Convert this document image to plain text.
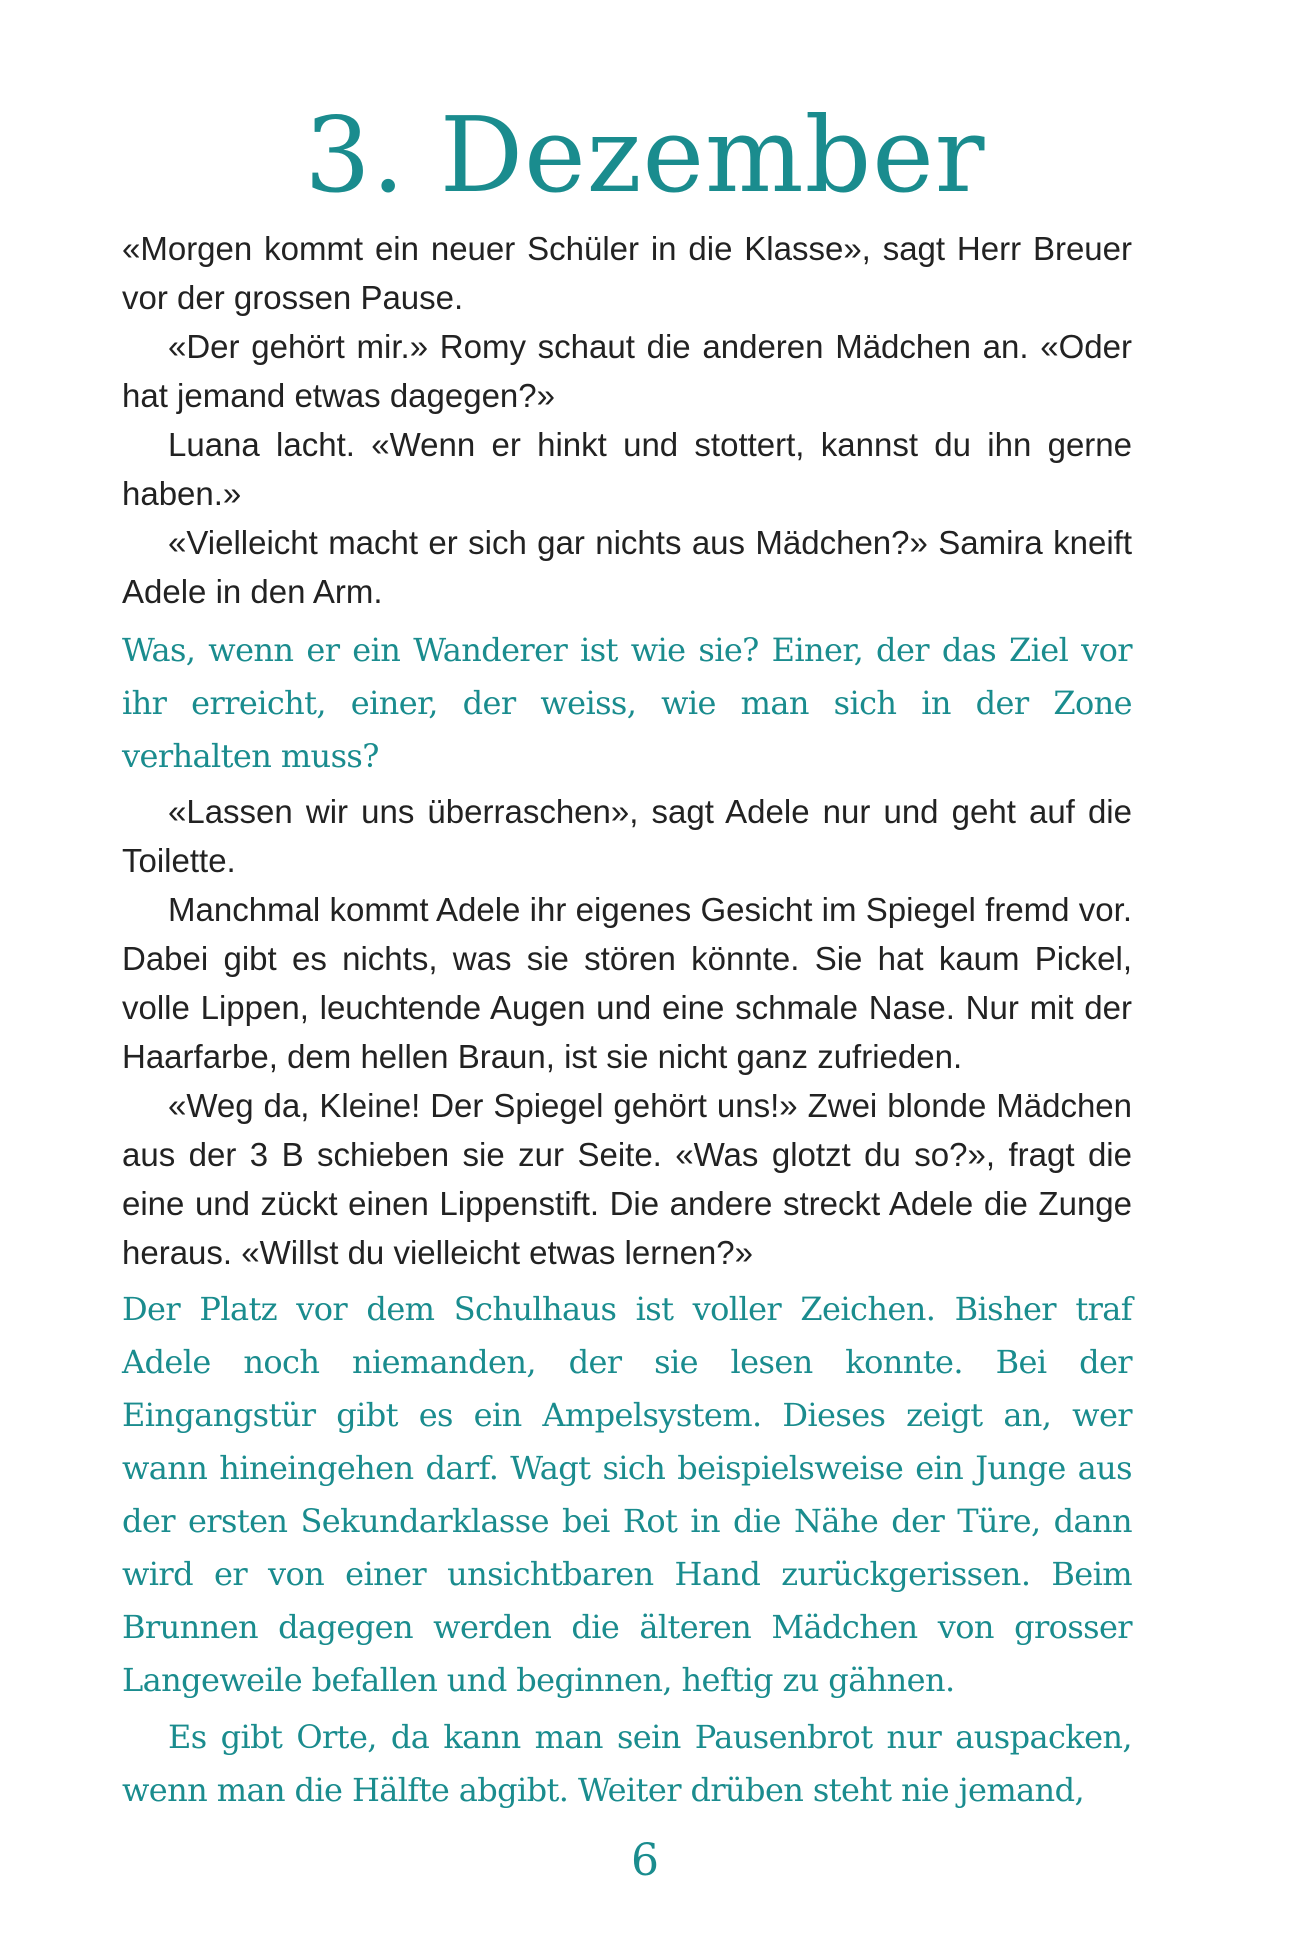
3. Dezember

«Morgen kommt ein neuer Schüler in die Klasse», sagt Herr Breuer vor der grossen Pause.

«Der gehört mir.» Romy schaut die anderen Mädchen an. «Oder hat jemand etwas dagegen?»

Luana lacht. «Wenn er hinkt und stottert, kannst du ihn gerne haben.»

«Vielleicht macht er sich gar nichts aus Mädchen?» Samira kneift Adele in den Arm.

Was, wenn er ein Wanderer ist wie sie? Einer, der das Ziel vor ihr erreicht, einer, der weiss, wie man sich in der Zone verhalten muss?

«Lassen wir uns überraschen», sagt Adele nur und geht auf die Toilette.

Manchmal kommt Adele ihr eigenes Gesicht im Spiegel fremd vor. Dabei gibt es nichts, was sie stören könnte. Sie hat kaum Pickel, volle Lippen, leuchtende Augen und eine schmale Nase. Nur mit der Haarfarbe, dem hellen Braun, ist sie nicht ganz zufrieden.

«Weg da, Kleine! Der Spiegel gehört uns!» Zwei blonde Mädchen aus der 3 B schieben sie zur Seite. «Was glotzt du so?», fragt die eine und zückt einen Lippenstift. Die andere streckt Adele die Zunge heraus. «Willst du vielleicht etwas lernen?»

Der Platz vor dem Schulhaus ist voller Zeichen. Bisher traf Adele noch niemanden, der sie lesen konnte. Bei der Eingangstür gibt es ein Ampelsystem. Dieses zeigt an, wer wann hineingehen darf. Wagt sich beispielsweise ein Junge aus der ersten Sekundarklasse bei Rot in die Nähe der Türe, dann wird er von einer unsichtbaren Hand zurückgerissen. Beim Brunnen dagegen werden die älteren Mädchen von grosser Langeweile befallen und beginnen, heftig zu gähnen.

Es gibt Orte, da kann man sein Pausenbrot nur auspacken, wenn man die Hälfte abgibt. Weiter drüben steht nie jemand,

6
